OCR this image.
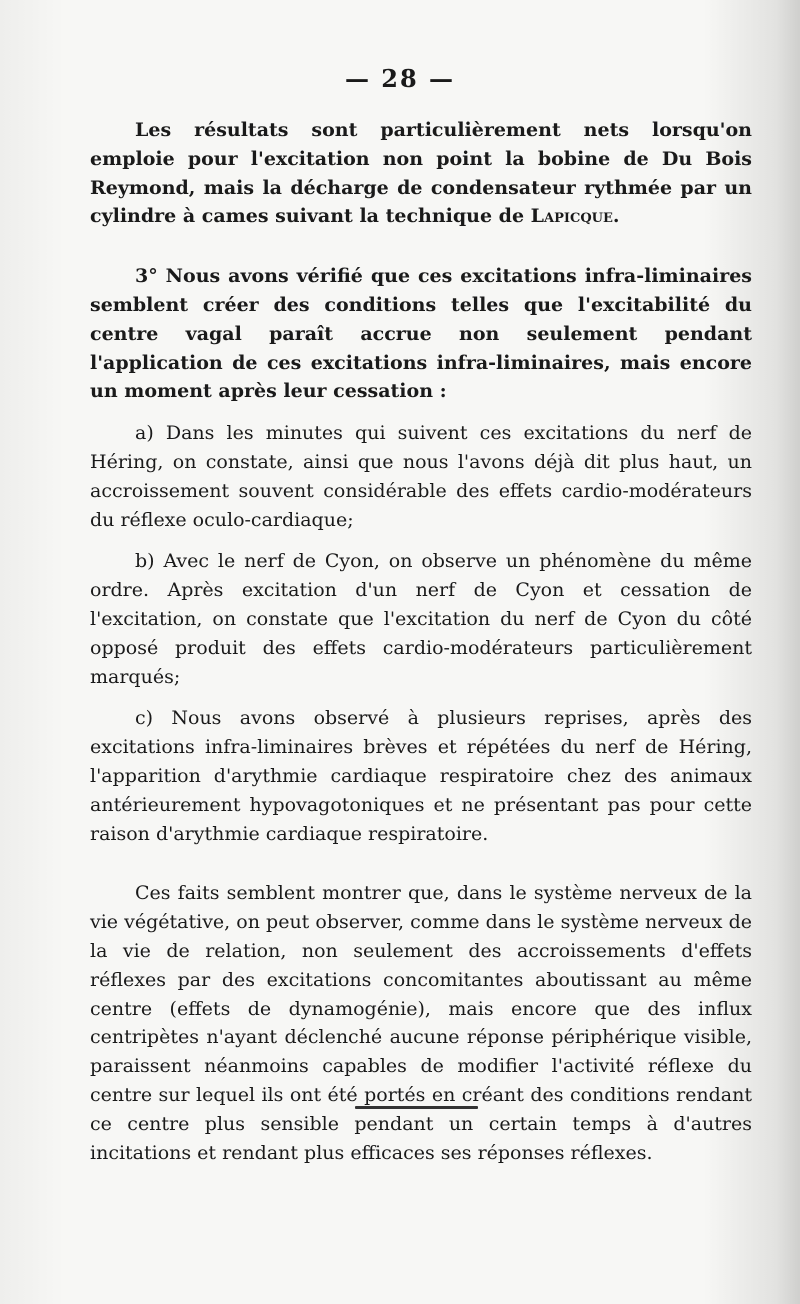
— 28 —

Les résultats sont particulièrement nets lorsqu'on emploie pour l'excitation non point la bobine de Du Bois Reymond, mais la décharge de condensateur rythmée par un cylindre à cames suivant la technique de Lapicque.

3° Nous avons vérifié que ces excitations infra-liminaires semblent créer des conditions telles que l'excitabilité du centre vagal paraît accrue non seulement pendant l'application de ces excitations infra-liminaires, mais encore un moment après leur cessation :

a) Dans les minutes qui suivent ces excitations du nerf de Héring, on constate, ainsi que nous l'avons déjà dit plus haut, un accroissement souvent considérable des effets cardio-modérateurs du réflexe oculo-cardiaque;

b) Avec le nerf de Cyon, on observe un phénomène du même ordre. Après excitation d'un nerf de Cyon et cessation de l'excitation, on constate que l'excitation du nerf de Cyon du côté opposé produit des effets cardio-modérateurs particulièrement marqués;

c) Nous avons observé à plusieurs reprises, après des excitations infra-liminaires brèves et répétées du nerf de Héring, l'apparition d'arythmie cardiaque respiratoire chez des animaux antérieurement hypovagotoniques et ne présentant pas pour cette raison d'arythmie cardiaque respiratoire.

Ces faits semblent montrer que, dans le système nerveux de la vie végétative, on peut observer, comme dans le système nerveux de la vie de relation, non seulement des accroissements d'effets réflexes par des excitations concomitantes aboutissant au même centre (effets de dynamogénie), mais encore que des influx centripètes n'ayant déclenché aucune réponse périphérique visible, paraissent néanmoins capables de modifier l'activité réflexe du centre sur lequel ils ont été portés en créant des conditions rendant ce centre plus sensible pendant un certain temps à d'autres incitations et rendant plus efficaces ses réponses réflexes.
